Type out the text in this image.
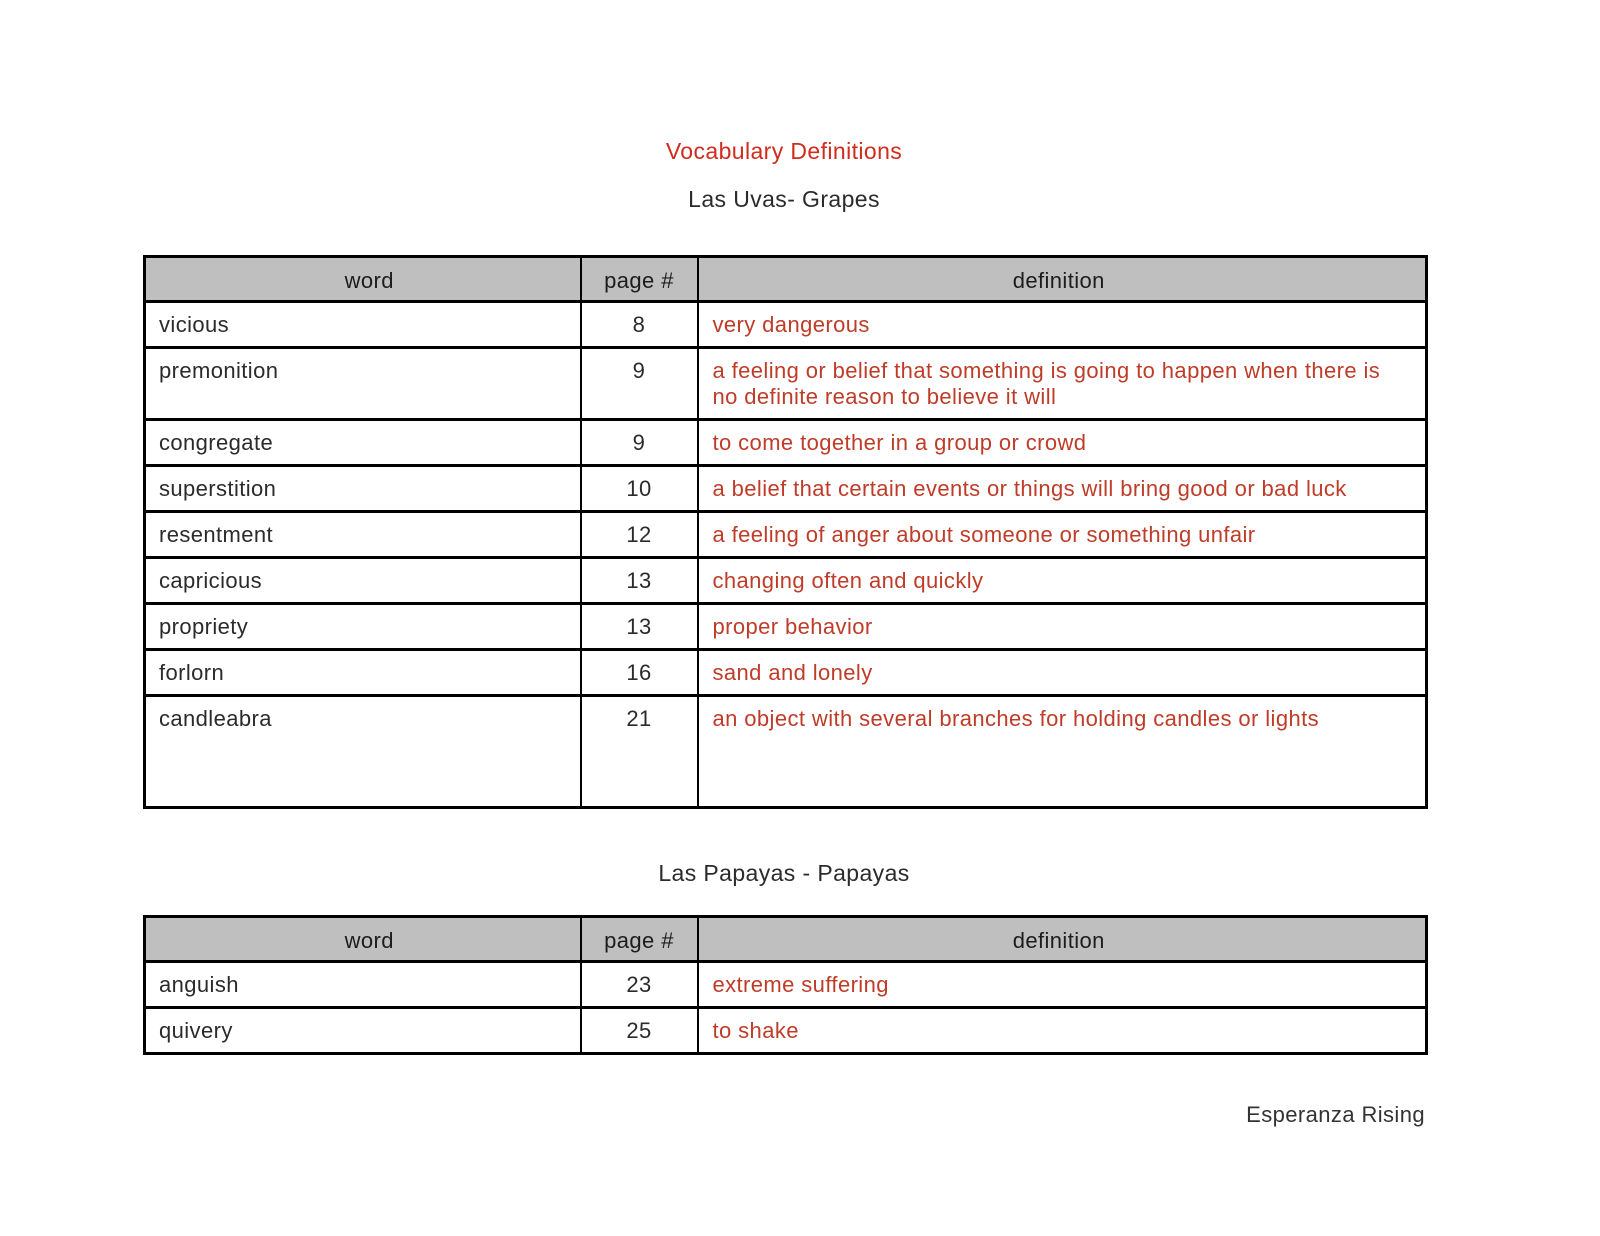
Vocabulary Definitions
Las Uvas- Grapes
word	page #	definition
vicious	8	very dangerous
premonition	9	a feeling or belief that something is going to happen when there is no definite reason to believe it will
congregate	9	to come together in a group or crowd
superstition	10	a belief that certain events or things will bring good or bad luck
resentment	12	a feeling of anger about someone or something unfair
capricious	13	changing often and quickly
propriety	13	proper behavior
forlorn	16	sand and lonely
candleabra	21	an object with several branches for holding candles or lights
Las Papayas - Papayas
word	page #	definition
anguish	23	extreme suffering
quivery	25	to shake
Esperanza Rising
